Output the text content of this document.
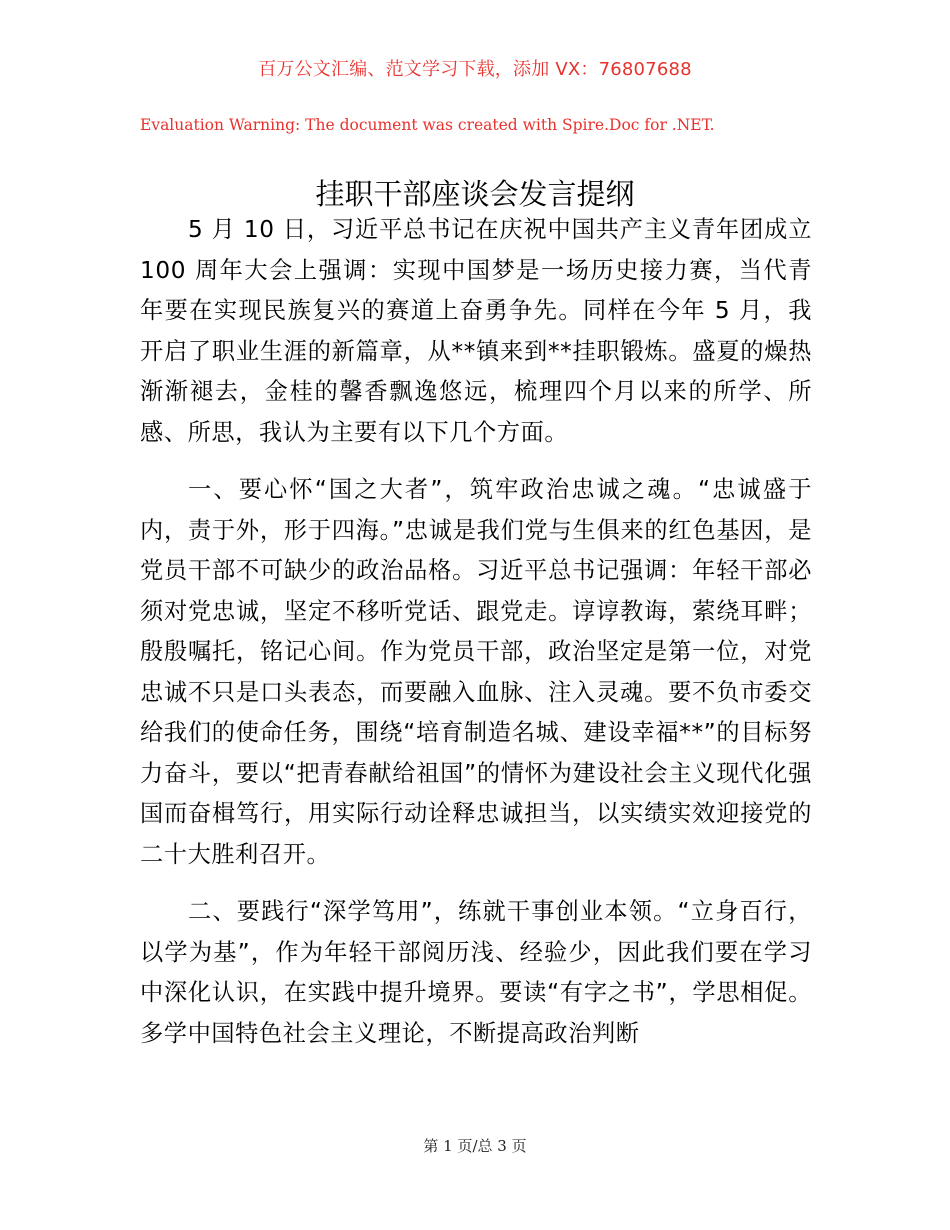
百万公文汇编、范文学习下载，添加 VX：76807688
Evaluation Warning: The document was created with Spire.Doc for .NET.
挂职干部座谈会发言提纲

5 月 10 日，习近平总书记在庆祝中国共产主义青年团成立 100 周年大会上强调：实现中国梦是一场历史接力赛，当代青年要在实现民族复兴的赛道上奋勇争先。同样在今年 5 月，我开启了职业生涯的新篇章，从**镇来到**挂职锻炼。盛夏的燥热渐渐褪去，金桂的馨香飘逸悠远，梳理四个月以来的所学、所感、所思，我认为主要有以下几个方面。

一、要心怀“国之大者”，筑牢政治忠诚之魂。“忠诚盛于内，责于外，形于四海。”忠诚是我们党与生俱来的红色基因，是党员干部不可缺少的政治品格。习近平总书记强调：年轻干部必须对党忠诚，坚定不移听党话、跟党走。谆谆教诲，萦绕耳畔；殷殷嘱托，铭记心间。作为党员干部，政治坚定是第一位，对党忠诚不只是口头表态，而要融入血脉、注入灵魂。要不负市委交给我们的使命任务，围绕“培育制造名城、建设幸福**”的目标努力奋斗，要以“把青春献给祖国”的情怀为建设社会主义现代化强国而奋楫笃行，用实际行动诠释忠诚担当，以实绩实效迎接党的二十大胜利召开。

二、要践行“深学笃用”，练就干事创业本领。“立身百行，以学为基”，作为年轻干部阅历浅、经验少，因此我们要在学习中深化认识，在实践中提升境界。要读“有字之书”，学思相促。多学中国特色社会主义理论，不断提高政治判断

第 1 页/总 3 页
